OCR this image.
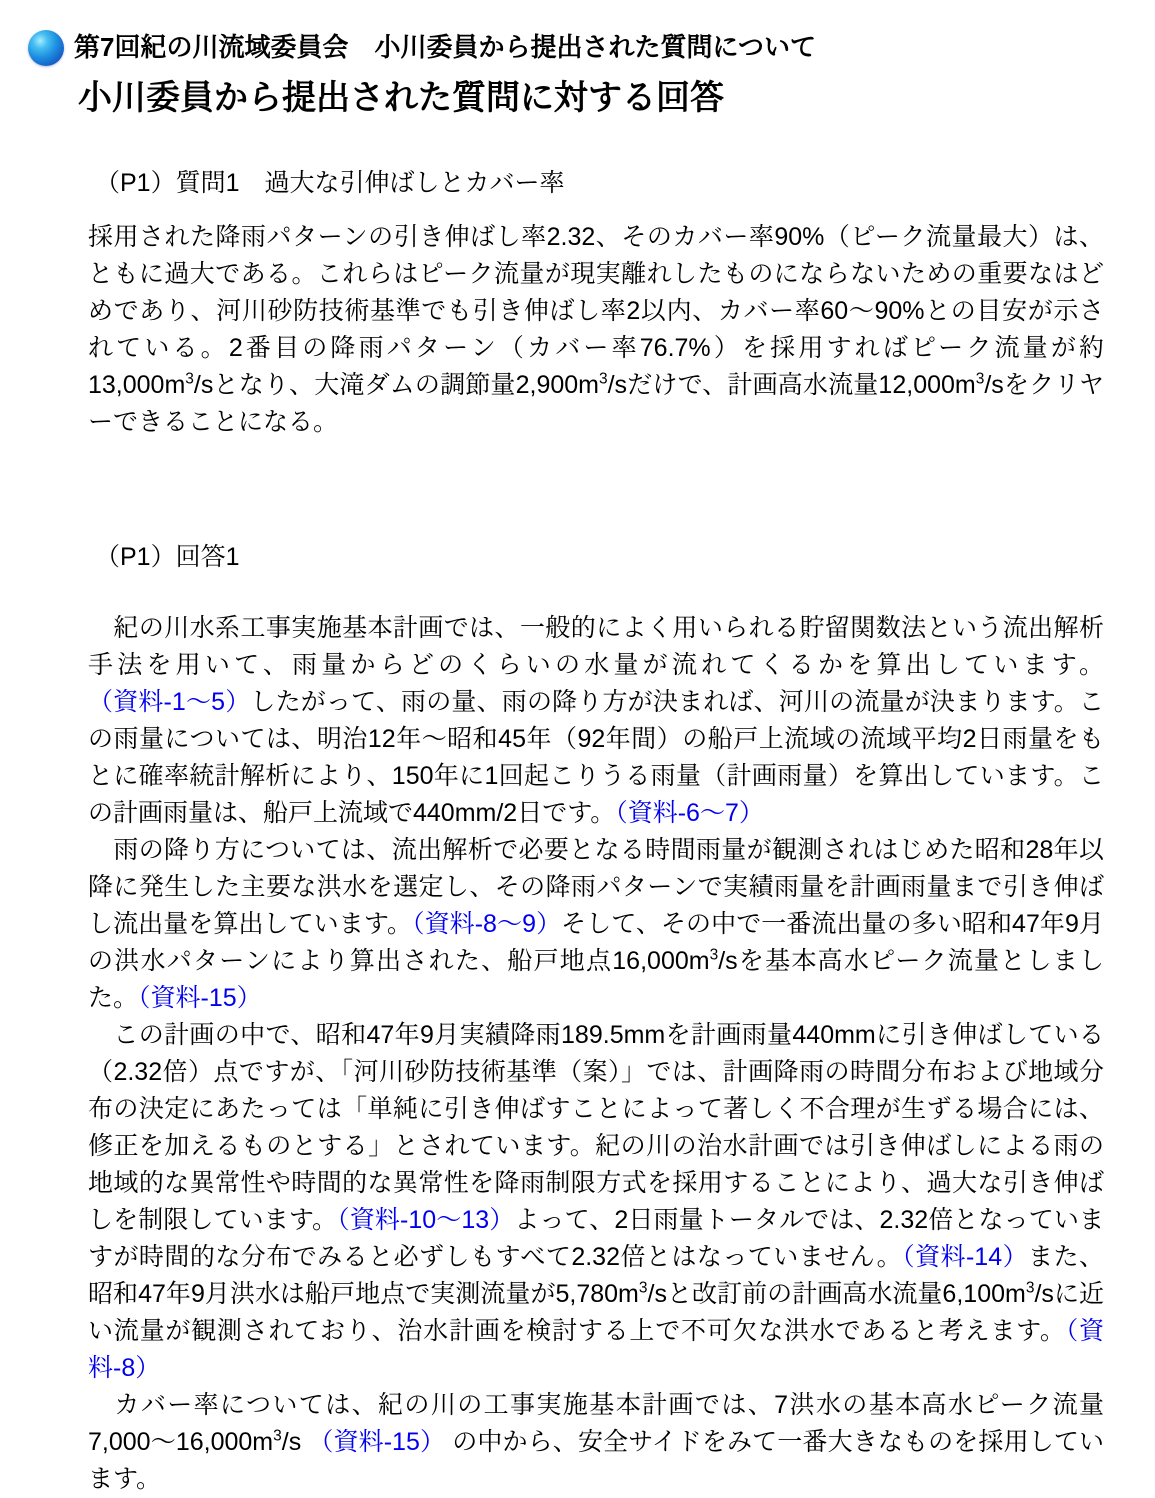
第7回紀の川流域委員会　小川委員から提出された質問について
小川委員から提出された質問に対する回答
（P1）質問1　過大な引伸ばしとカバー率

採用された降雨パターンの引き伸ばし率2.32、そのカバー率90%（ピーク流量最大）は、ともに過大である。これらはピーク流量が現実離れしたものにならないための重要なはどめであり、河川砂防技術基準でも引き伸ばし率2以内、カバー率60～90%との目安が示されている。2番目の降雨パターン（カバー率76.7%）を採用すればピーク流量が約$13,000m^3/s$となり、大滝ダムの調節量$2,900m^3/s$だけで、計画高水流量$12,000m^3/s$をクリヤーできることになる。

（P1）回答1

　紀の川水系工事実施基本計画では、一般的によく用いられる貯留関数法という流出解析手法を用いて、雨量からどのくらいの水量が流れてくるかを算出しています。（資料-1～5）したがって、雨の量、雨の降り方が決まれば、河川の流量が決まります。この雨量については、明治12年～昭和45年（92年間）の船戸上流域の流域平均2日雨量をもとに確率統計解析により、150年に1回起こりうる雨量（計画雨量）を算出しています。この計画雨量は、船戸上流域で440mm/2日です。（資料-6～7）

　雨の降り方については、流出解析で必要となる時間雨量が観測されはじめた昭和28年以降に発生した主要な洪水を選定し、その降雨パターンで実績雨量を計画雨量まで引き伸ばし流出量を算出しています。（資料-8～9）そして、その中で一番流出量の多い昭和47年9月の洪水パターンにより算出された、船戸地点$16,000m^3/s$を基本高水ピーク流量としました。（資料-15）

　この計画の中で、昭和47年9月実績降雨189.5mmを計画雨量440mmに引き伸ばしている（2.32倍）点ですが、「河川砂防技術基準（案）」では、計画降雨の時間分布および地域分布の決定にあたっては「単純に引き伸ばすことによって著しく不合理が生ずる場合には、修正を加えるものとする」とされています。紀の川の治水計画では引き伸ばしによる雨の地域的な異常性や時間的な異常性を降雨制限方式を採用することにより、過大な引き伸ばしを制限しています。（資料-10～13）よって、2日雨量トータルでは、2.32倍となっていますが時間的な分布でみると必ずしもすべて2.32倍とはなっていません。（資料-14）また、昭和47年9月洪水は船戸地点で実測流量が$5,780m^3/s$と改訂前の計画高水流量$6,100m^3/s$に近い流量が観測されており、治水計画を検討する上で不可欠な洪水であると考えます。（資料-8）

　カバー率については、紀の川の工事実施基本計画では、7洪水の基本高水ピーク流量$7,000\sim 16,000m^3/s$ （資料-15） の中から、安全サイドをみて一番大きなものを採用しています。
